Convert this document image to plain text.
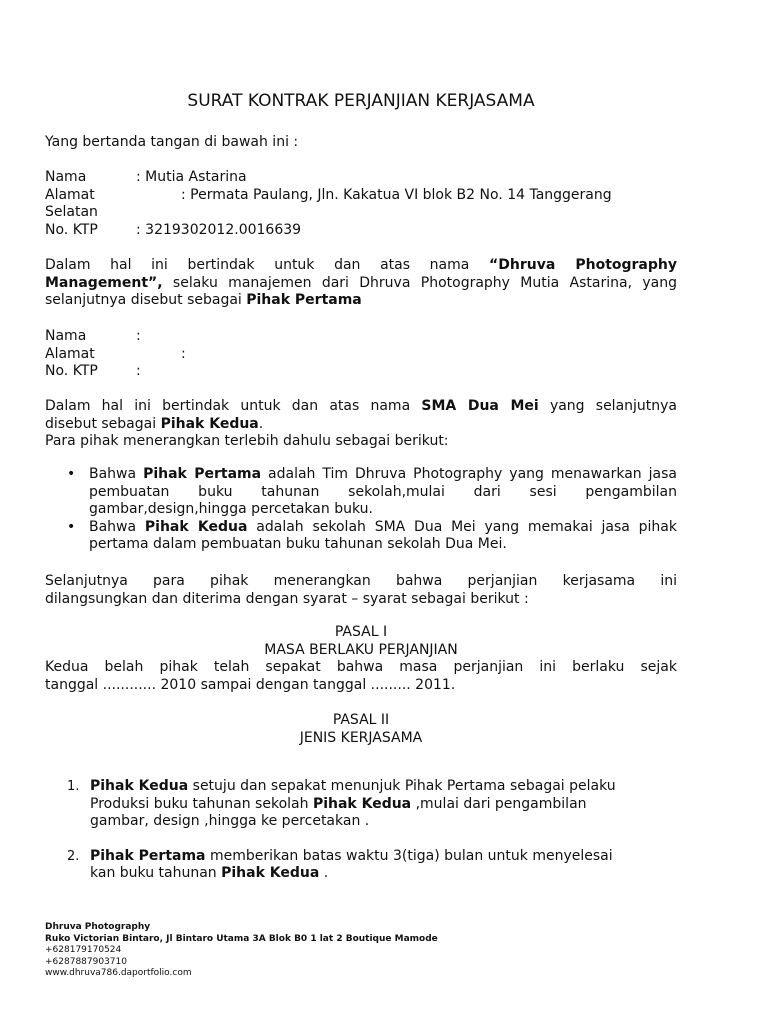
SURAT KONTRAK PERJANJIAN KERJASAMA
Yang bertanda tangan di bawah ini :
Nama	: Mutia Astarina
Alamat	: Permata Paulang, Jln. Kakatua VI blok B2 No. 14 Tanggerang
Selatan
No. KTP	: 3219302012.0016639
Dalam hal ini bertindak untuk dan atas nama “Dhruva Photography
Management”, selaku manajemen dari Dhruva Photography Mutia Astarina, yang
selanjutnya disebut sebagai Pihak Pertama
Nama	:
Alamat	:
No. KTP	:
Dalam hal ini bertindak untuk dan atas nama SMA Dua Mei yang selanjutnya
disebut sebagai Pihak Kedua.
Para pihak menerangkan terlebih dahulu sebagai berikut:
• Bahwa Pihak Pertama adalah Tim Dhruva Photography yang menawarkan jasa pembuatan buku tahunan sekolah,mulai dari sesi pengambilan gambar,design,hingga percetakan buku.
• Bahwa Pihak Kedua adalah sekolah SMA Dua Mei yang memakai jasa pihak pertama dalam pembuatan buku tahunan sekolah Dua Mei.
Selanjutnya para pihak menerangkan bahwa perjanjian kerjasama ini
dilangsungkan dan diterima dengan syarat – syarat sebagai berikut :
PASAL I
MASA BERLAKU PERJANJIAN
Kedua belah pihak telah sepakat bahwa masa perjanjian ini berlaku sejak
tanggal ............ 2010 sampai dengan tanggal ......... 2011.
PASAL II
JENIS KERJASAMA
1. Pihak Kedua setuju dan sepakat menunjuk Pihak Pertama sebagai pelaku
Produksi buku tahunan sekolah Pihak Kedua ,mulai dari pengambilan
gambar, design ,hingga ke percetakan .
2. Pihak Pertama memberikan batas waktu 3(tiga) bulan untuk menyelesai
kan buku tahunan Pihak Kedua .
Dhruva Photography
Ruko Victorian Bintaro, Jl Bintaro Utama 3A Blok B0 1 lat 2 Boutique Mamode
+628179170524
+6287887903710
www.dhruva786.daportfolio.com
